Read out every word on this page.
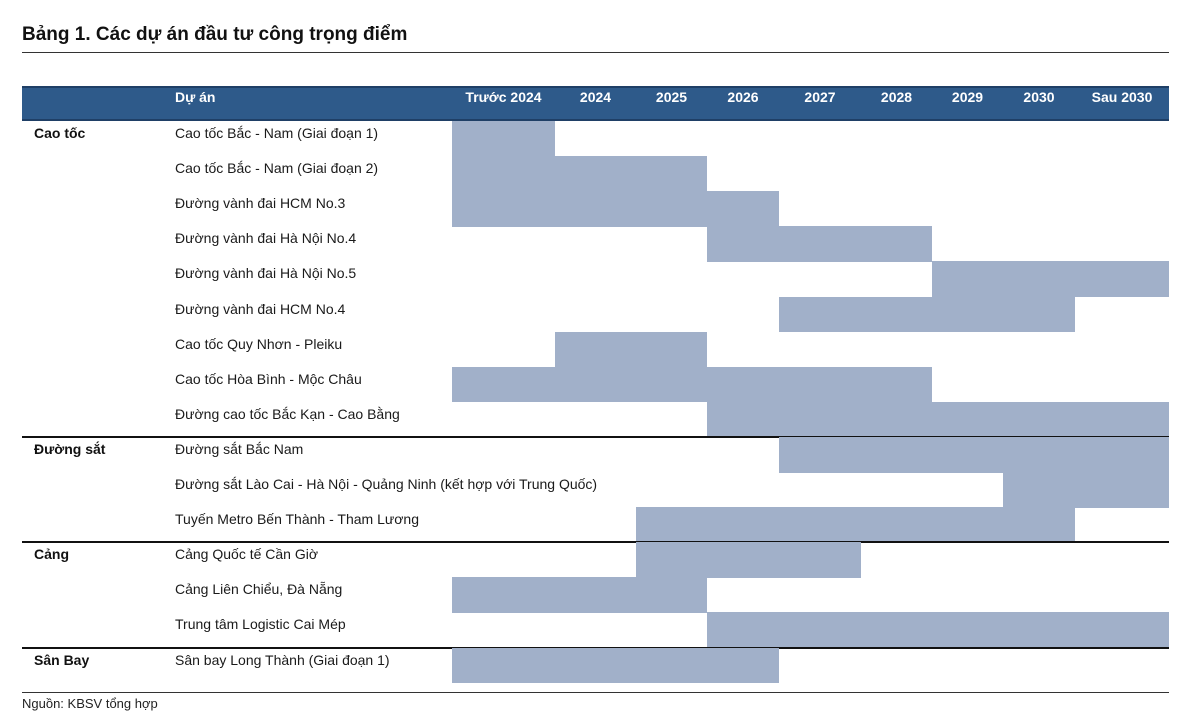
Bảng 1. Các dự án đầu tư công trọng điểm
Dự án	Trước 2024	2024	2025	2026	2027	2028	2029	2030	Sau 2030
Cao tốc	Cao tốc Bắc - Nam (Giai đoạn 1)
Cao tốc Bắc - Nam (Giai đoạn 2)
Đường vành đai HCM No.3
Đường vành đai Hà Nội No.4
Đường vành đai Hà Nội No.5
Đường vành đai HCM No.4
Cao tốc Quy Nhơn - Pleiku
Cao tốc Hòa Bình - Mộc Châu
Đường cao tốc Bắc Kạn - Cao Bằng
Đường sắt	Đường sắt Bắc Nam
Đường sắt Lào Cai - Hà Nội - Quảng Ninh (kết hợp với Trung Quốc)
Tuyến Metro Bến Thành - Tham Lương
Cảng	Cảng Quốc tế Cần Giờ
Cảng Liên Chiểu, Đà Nẵng
Trung tâm Logistic Cai Mép
Sân Bay	Sân bay Long Thành (Giai đoạn 1)
Nguồn: KBSV tổng hợp
